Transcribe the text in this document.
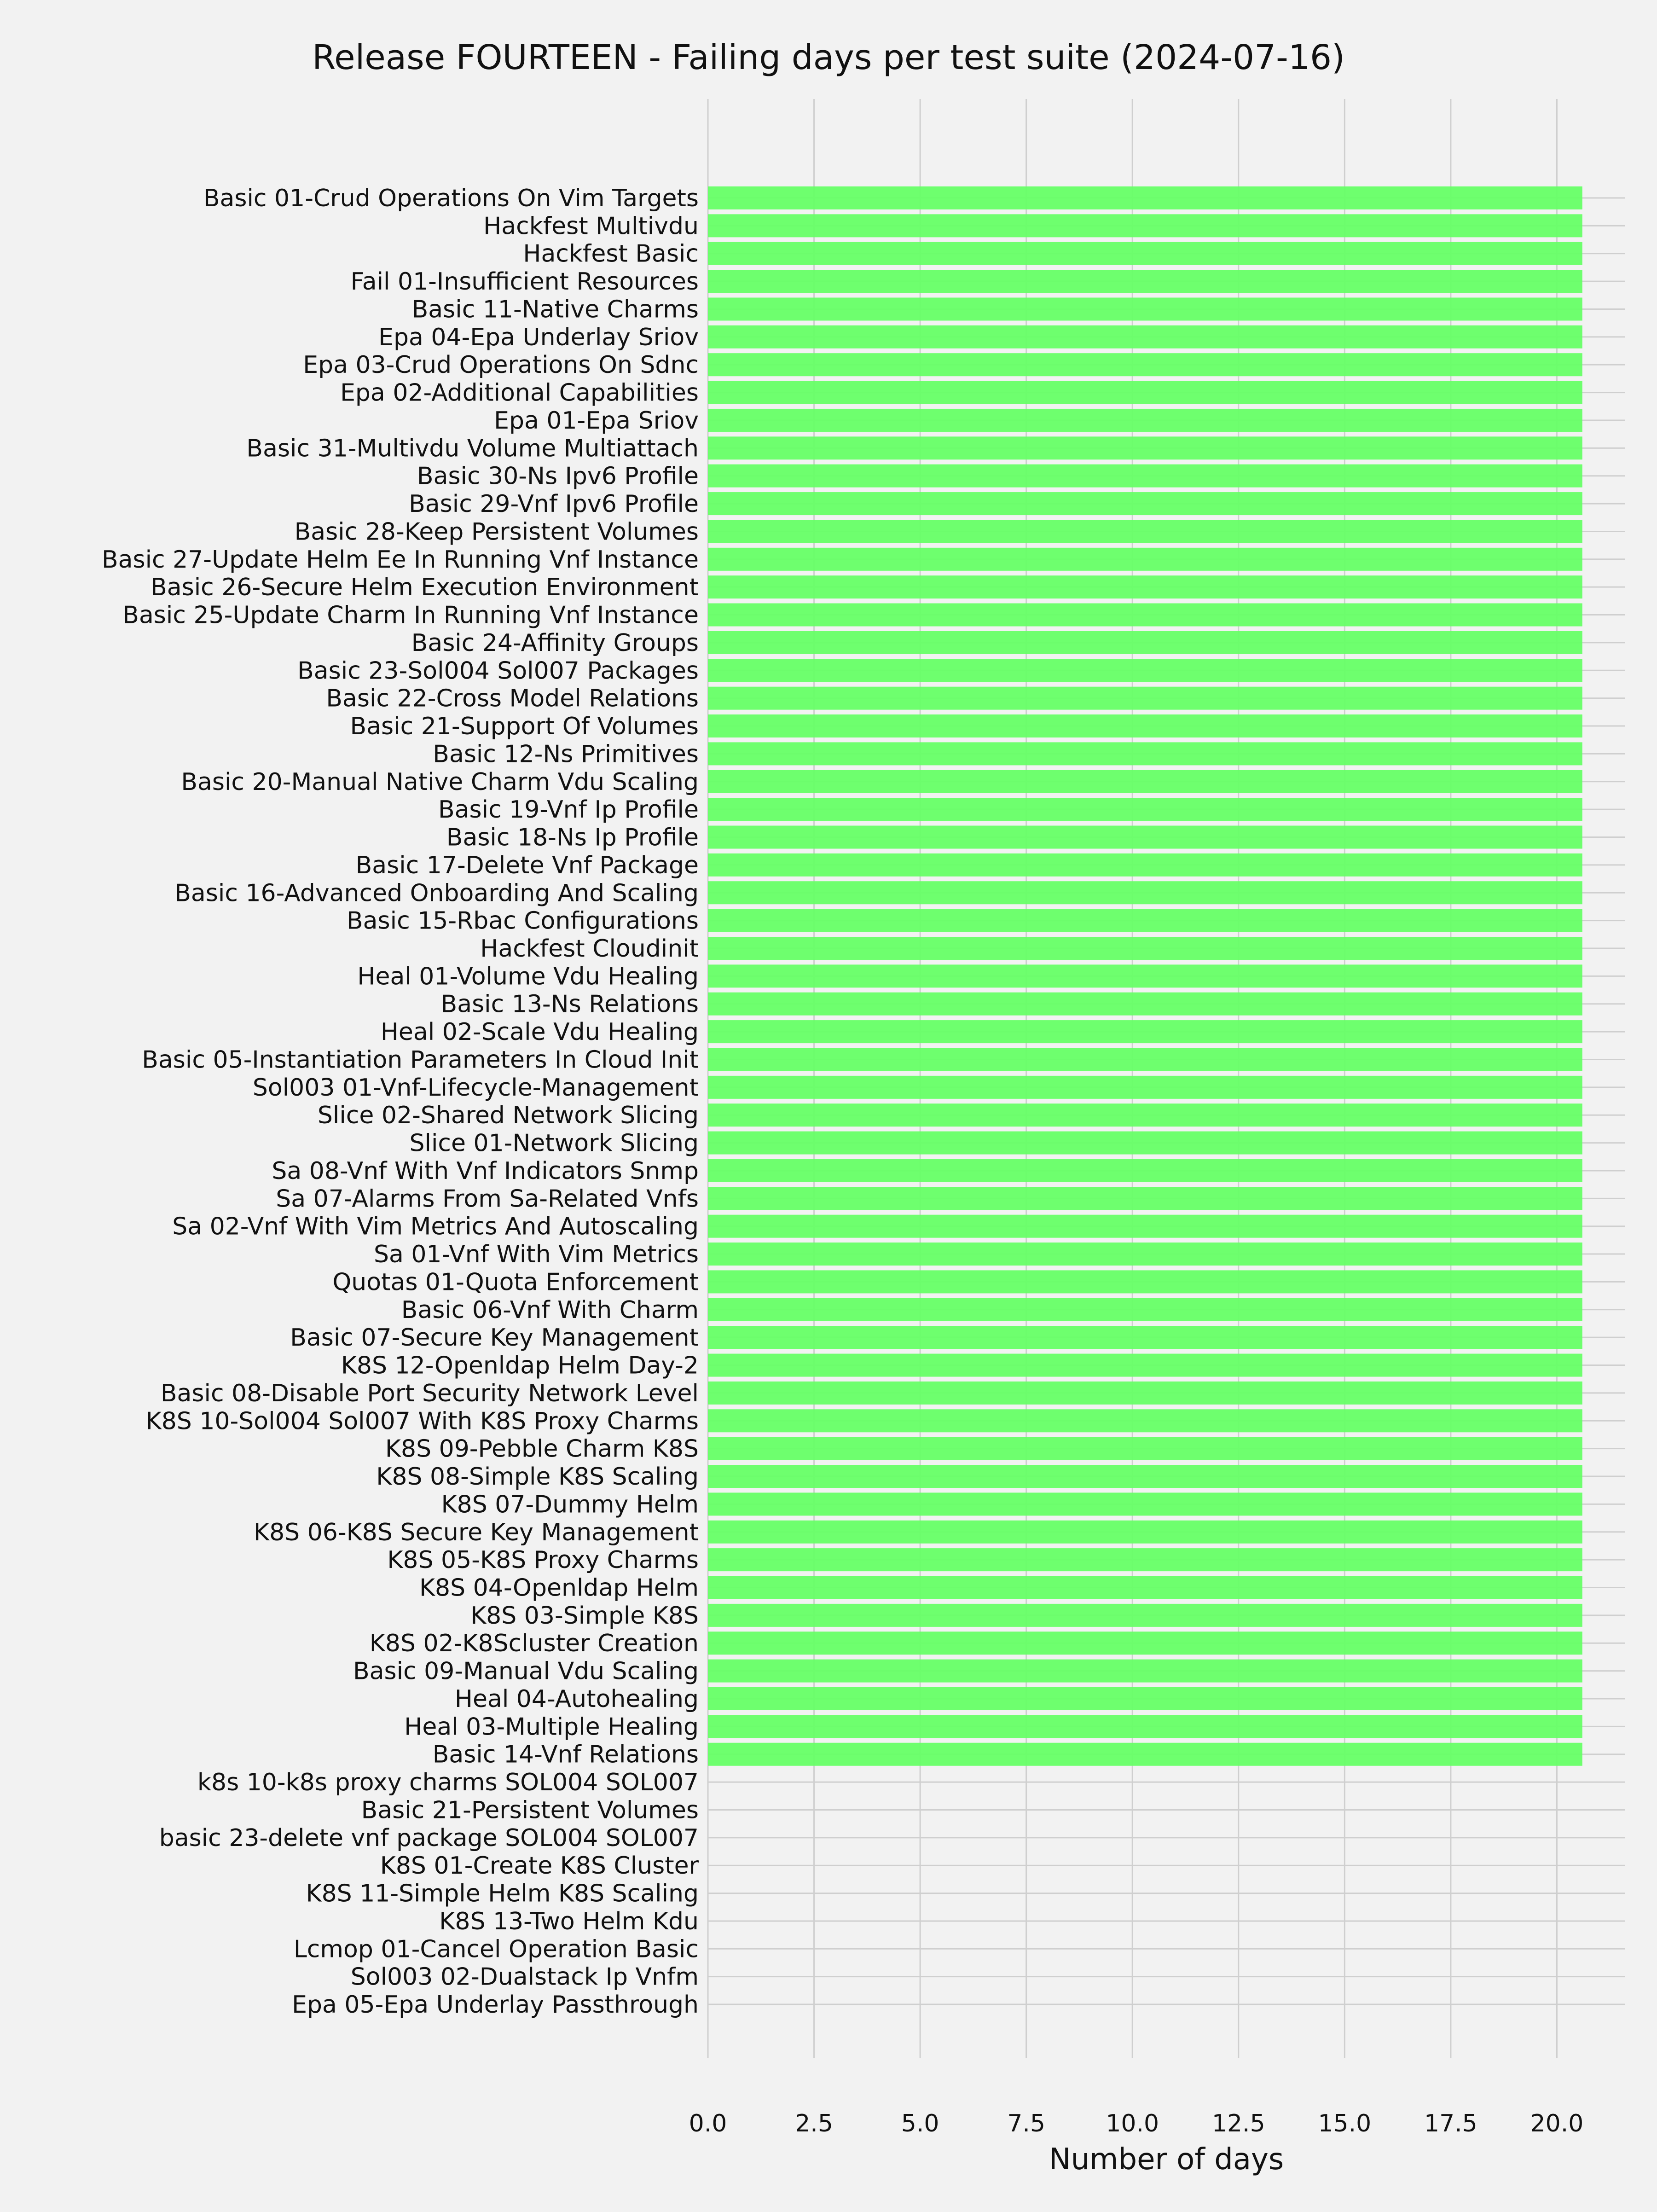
Basic 01-Crud Operations On Vim Targets
Hackfest Multivdu
Hackfest Basic
Fail 01-Insufficient Resources
Basic 11-Native Charms
Epa 04-Epa Underlay Sriov
Epa 03-Crud Operations On Sdnc
Epa 02-Additional Capabilities
Epa 01-Epa Sriov
Basic 31-Multivdu Volume Multiattach
Basic 30-Ns Ipv6 Profile
Basic 29-Vnf Ipv6 Profile
Basic 28-Keep Persistent Volumes
Basic 27-Update Helm Ee In Running Vnf Instance
Basic 26-Secure Helm Execution Environment
Basic 25-Update Charm In Running Vnf Instance
Basic 24-Affinity Groups
Basic 23-Sol004 Sol007 Packages
Basic 22-Cross Model Relations
Basic 21-Support Of Volumes
Basic 12-Ns Primitives
Basic 20-Manual Native Charm Vdu Scaling
Basic 19-Vnf Ip Profile
Basic 18-Ns Ip Profile
Basic 17-Delete Vnf Package
Basic 16-Advanced Onboarding And Scaling
Basic 15-Rbac Configurations
Hackfest Cloudinit
Heal 01-Volume Vdu Healing
Basic 13-Ns Relations
Heal 02-Scale Vdu Healing
Basic 05-Instantiation Parameters In Cloud Init
Sol003 01-Vnf-Lifecycle-Management
Slice 02-Shared Network Slicing
Slice 01-Network Slicing
Sa 08-Vnf With Vnf Indicators Snmp
Sa 07-Alarms From Sa-Related Vnfs
Sa 02-Vnf With Vim Metrics And Autoscaling
Sa 01-Vnf With Vim Metrics
Quotas 01-Quota Enforcement
Basic 06-Vnf With Charm
Basic 07-Secure Key Management
K8S 12-Openldap Helm Day-2
Basic 08-Disable Port Security Network Level
K8S 10-Sol004 Sol007 With K8S Proxy Charms
K8S 09-Pebble Charm K8S
K8S 08-Simple K8S Scaling
K8S 07-Dummy Helm
K8S 06-K8S Secure Key Management
K8S 05-K8S Proxy Charms
K8S 04-Openldap Helm
K8S 03-Simple K8S
K8S 02-K8Scluster Creation
Basic 09-Manual Vdu Scaling
Heal 04-Autohealing
Heal 03-Multiple Healing
Basic 14-Vnf Relations
k8s 10-k8s proxy charms SOL004 SOL007
Basic 21-Persistent Volumes
basic 23-delete vnf package SOL004 SOL007
K8S 01-Create K8S Cluster
K8S 11-Simple Helm K8S Scaling
K8S 13-Two Helm Kdu
Lcmop 01-Cancel Operation Basic
Sol003 02-Dualstack Ip Vnfm
Epa 05-Epa Underlay Passthrough
0.0	2.5	5.0	7.5	10.0 12.5 15.0 17.5 20.0
Release FOURTEEN - Failing days per test suite (2024-07-16)
Number of days
